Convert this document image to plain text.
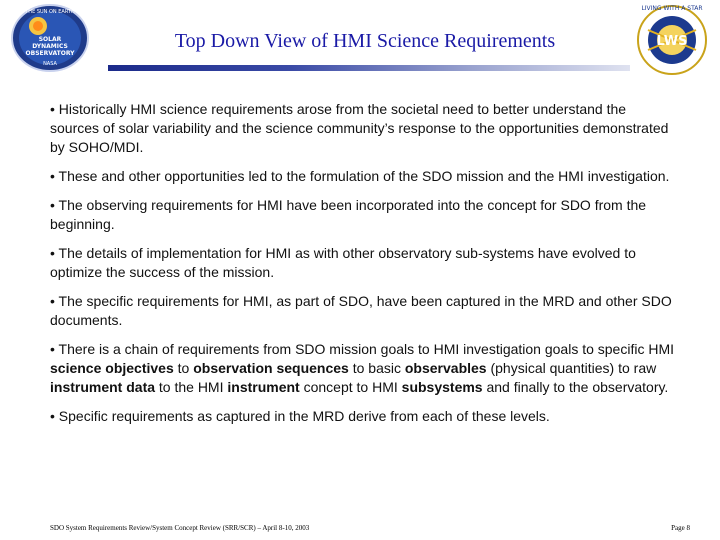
THE SUN ON EARTH
SOLAR
DYNAMICS
OBSERVATORY
NASA
Top Down View of HMI Science Requirements
LIVING WITH A STAR
LWS
• Historically HMI science requirements arose from the societal need to better understand the sources of solar variability and the science community’s response to the opportunities demonstrated by SOHO/MDI.
• These and other opportunities led to the formulation of the SDO mission and the HMI investigation.
• The observing requirements for HMI have been incorporated into the concept for SDO from the beginning.
• The details of implementation for HMI as with other observatory sub-systems have evolved to optimize the success of the mission.
• The specific requirements for HMI, as part of SDO, have been captured in the MRD and other SDO documents.
• There is a chain of requirements from SDO mission goals to HMI investigation goals to specific HMI science objectives to observation sequences to basic observables (physical quantities) to raw instrument data to the HMI instrument concept to HMI subsystems and finally to the observatory.
• Specific requirements as captured in the MRD derive from each of these levels.
SDO System Requirements Review/System Concept Review (SRR/SCR) – April 8-10, 2003	Page 8
